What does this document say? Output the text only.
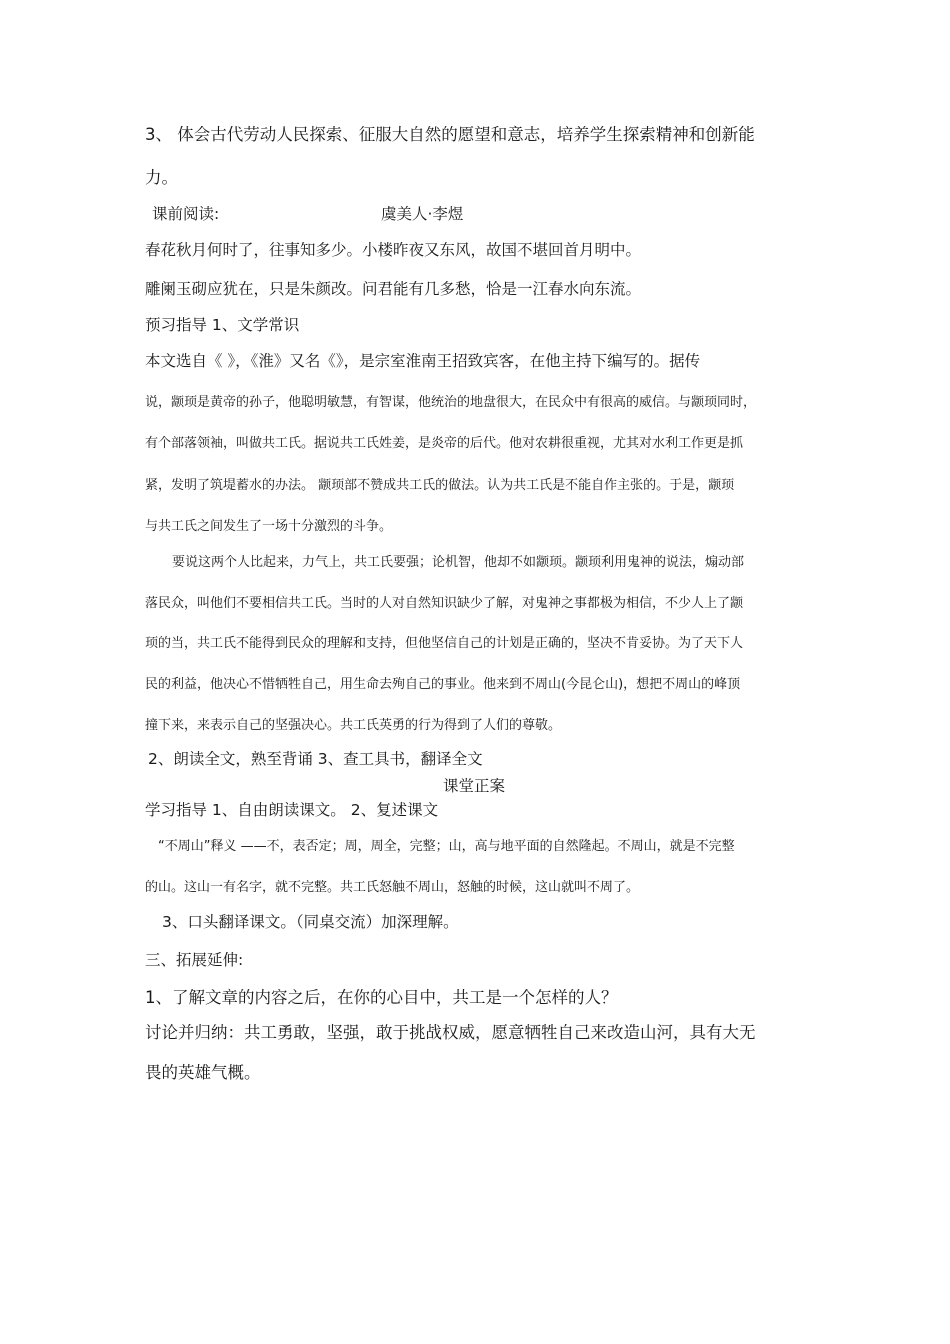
3、 体会古代劳动人民探索、征服大自然的愿望和意志，培养学生探索精神和创新能
力。
课前阅读:	虞美人·李煜
春花秋月何时了，往事知多少。小楼昨夜又东风，故国不堪回首月明中。
雕阑玉砌应犹在，只是朱颜改。问君能有几多愁，恰是一江春水向东流。
预习指导 1、文学常识
本文选自《 》，《淮》又名《》，是宗室淮南王招致宾客，在他主持下编写的。据传
说，颛顼是黄帝的孙子，他聪明敏慧，有智谋，他统治的地盘很大，在民众中有很高的威信。与颛顼同时，
有个部落领袖，叫做共工氏。据说共工氏姓姜，是炎帝的后代。他对农耕很重视，尤其对水利工作更是抓
紧，发明了筑堤蓄水的办法。 颛顼部不赞成共工氏的做法。认为共工氏是不能自作主张的。于是，颛顼
与共工氏之间发生了一场十分激烈的斗争。
要说这两个人比起来，力气上，共工氏要强；论机智，他却不如颛顼。颛顼利用鬼神的说法，煽动部
落民众，叫他们不要相信共工氏。当时的人对自然知识缺少了解，对鬼神之事都极为相信，不少人上了颛
顼的当，共工氏不能得到民众的理解和支持，但他坚信自己的计划是正确的，坚决不肯妥协。为了天下人
民的利益，他决心不惜牺牲自己，用生命去殉自己的事业。他来到不周山(今昆仑山)，想把不周山的峰顶
撞下来，来表示自己的坚强决心。共工氏英勇的行为得到了人们的尊敬。
2、朗读全文，熟至背诵 3、查工具书，翻译全文
课堂正案
学习指导 1、自由朗读课文。 2、复述课文
“不周山”释义 ——不，表否定；周，周全，完整；山，高与地平面的自然隆起。不周山，就是不完整
的山。这山一有名字，就不完整。共工氏怒触不周山，怒触的时候，这山就叫不周了。
3、口头翻译课文。（同桌交流）加深理解。
三、拓展延伸:
1、了解文章的内容之后，在你的心目中，共工是一个怎样的人？
讨论并归纳：共工勇敢，坚强，敢于挑战权威，愿意牺牲自己来改造山河，具有大无
畏的英雄气概。
